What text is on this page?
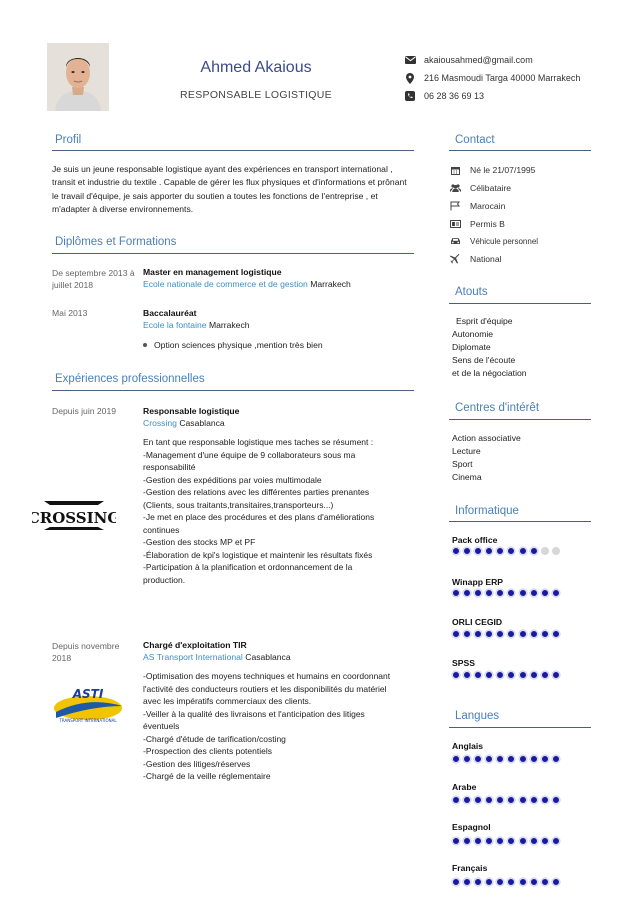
Ahmed Akaious
RESPONSABLE LOGISTIQUE
akaiousahmed@gmail.com
216 Masmoudi Targa 40000 Marrakech
06 28 36 69 13
Profil
Je suis un jeune responsable logistique ayant des expériences en transport international , transit et industrie du textile . Capable de gérer les flux physiques et d'informations et prônant le travail d'équipe, je sais apporter du soutien a toutes les fonctions de l'entreprise , et m'adapter à diverse environnements.
Diplômes et Formations
De septembre 2013 à juillet 2018
Master en management logistique
Ecole nationale de commerce et de gestion Marrakech
Mai 2013	Baccalauréat
Ecole la fontaine Marrakech
Option sciences physique ,mention très bien
Expériences professionnelles
Depuis juin 2019	Responsable logistique
Crossing Casablanca
En tant que responsable logistique mes taches se résument :
-Management d'une équipe de 9 collaborateurs sous ma responsabilité
-Gestion des expéditions par voies multimodale
-Gestion des relations avec les différentes parties prenantes (Clients, sous traitants,transitaires,transporteurs...)
-Je met en place des procédures et des plans d'améliorations continues
-Gestion des stocks MP et PF
-Élaboration de kpi's logistique et maintenir les résultats fixés
-Participation à la planification et ordonnancement de la production.
CROSSING
Depuis novembre 2018
Chargé d'exploitation TIR
AS Transport International Casablanca
-Optimisation des moyens techniques et humains en coordonnant l'activité des conducteurs routiers et les disponibilités du matériel avec les impératifs commerciaux des clients.
-Veiller à la qualité des livraisons et l'anticipation des litiges éventuels
-Chargé d'étude de tarification/costing
-Prospection des clients potentiels
-Gestion des litiges/réserves
-Chargé de la veille réglementaire
ASTI
TRANSPORT INTERNATIONAL
Contact
Né le 21/07/1995
Célibataire
Marocain
Permis B
Véhicule personnel
National
Atouts
Esprit d'équipe
Autonomie
Diplomate
Sens de l'écoute
et de la négociation
Centres d'intérêt
Action associative
Lecture
Sport
Cinema
Informatique
Pack office
Winapp ERP
ORLI CEGID
SPSS
Langues
Anglais
Arabe
Espagnol
Français
